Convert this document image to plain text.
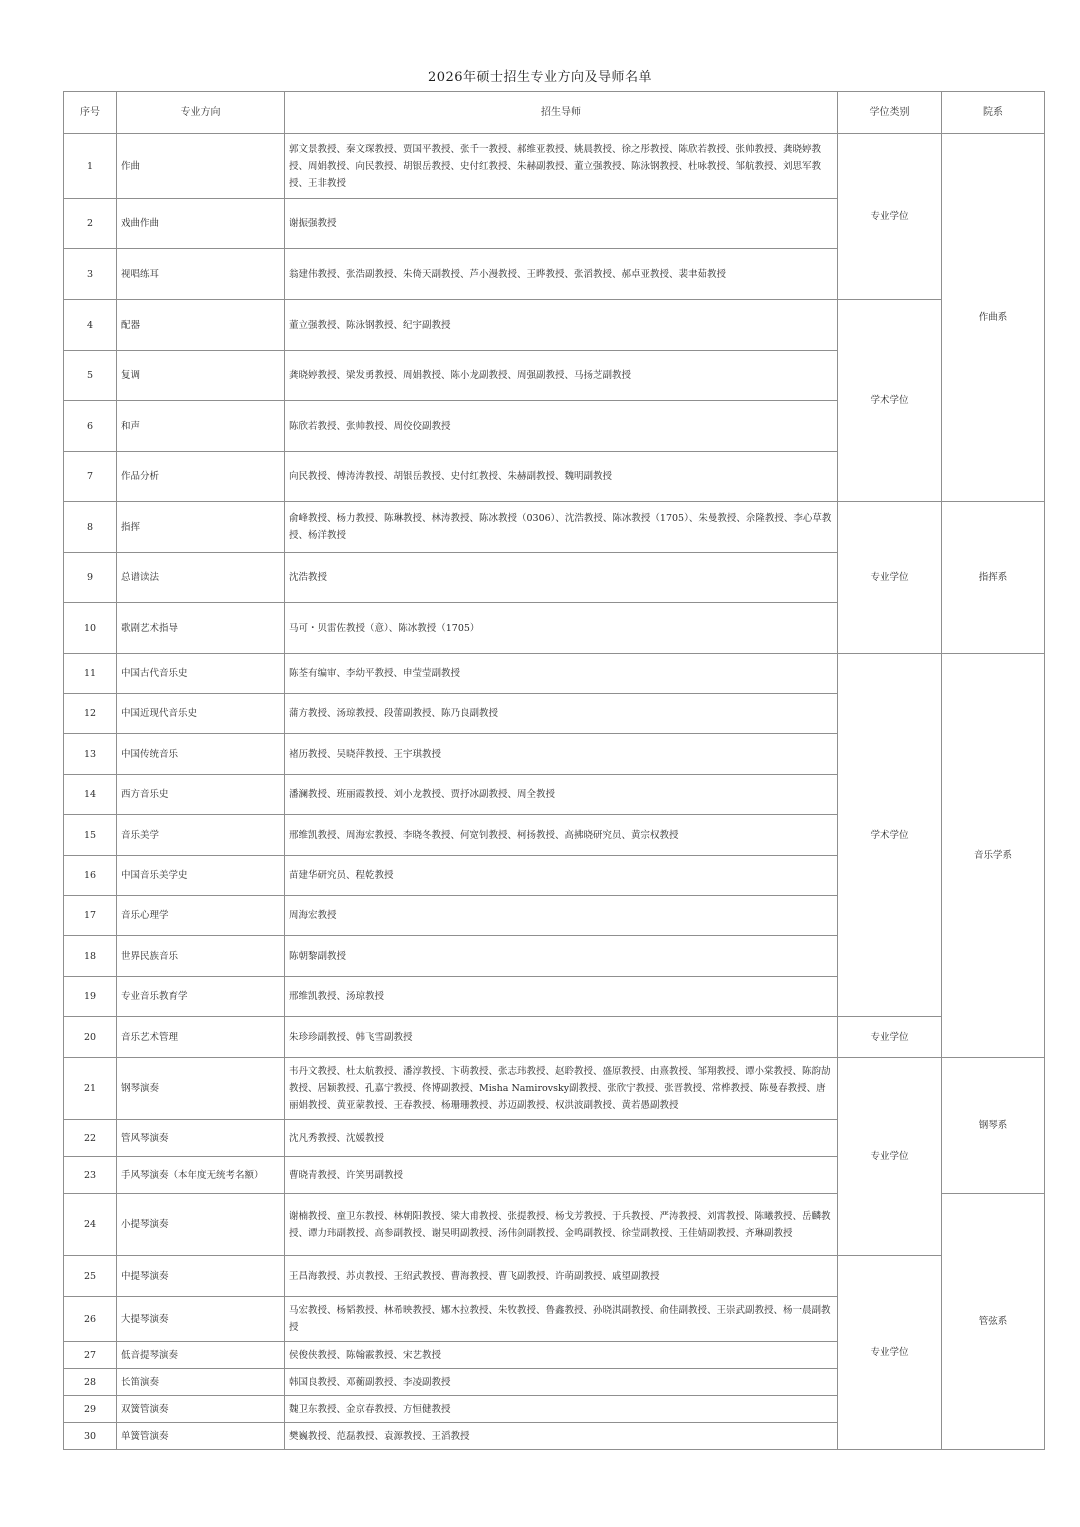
2026年硕士招生专业方向及导师名单
序号	专业方向	招生导师	学位类别	院系
1	作曲	郭文景教授、秦文琛教授、贾国平教授、张千一教授、郝维亚教授、姚晨教授、徐之彤教授、陈欣若教授、张帅教授、龚晓婷教授、周娟教授、向民教授、胡银岳教授、史付红教授、朱赫副教授、董立强教授、陈泳钢教授、杜咏教授、邹航教授、刘思军教授、王非教授	专业学位	作曲系
2	戏曲作曲	谢振强教授		
3	视唱练耳	翁建伟教授、张浩副教授、朱倚天副教授、芦小漫教授、王晔教授、张滔教授、郝卓亚教授、裴聿茹教授		
4	配器	董立强教授、陈泳钢教授、纪宇副教授	学术学位	
5	复调	龚晓婷教授、梁发勇教授、周娟教授、陈小龙副教授、周强副教授、马扬芝副教授		
6	和声	陈欣若教授、张帅教授、周佼佼副教授		
7	作品分析	向民教授、傅涛涛教授、胡银岳教授、史付红教授、朱赫副教授、魏明副教授		
8	指挥	俞峰教授、杨力教授、陈琳教授、林涛教授、陈冰教授（0306）、沈浩教授、陈冰教授（1705）、朱曼教授、佘隆教授、李心草教授、杨洋教授	专业学位	指挥系
9	总谱读法	沈浩教授		
10	歌剧艺术指导	马可・贝雷佐教授（意）、陈冰教授（1705）		
11	中国古代音乐史	陈荃有编审、李幼平教授、申莹莹副教授	学术学位	音乐学系
12	中国近现代音乐史	蒲方教授、汤琼教授、段蕾副教授、陈乃良副教授		
13	中国传统音乐	褚历教授、吴晓萍教授、王宇琪教授		
14	西方音乐史	潘澜教授、班丽霞教授、刘小龙教授、贾抒冰副教授、周全教授		
15	音乐美学	邢维凯教授、周海宏教授、李晓冬教授、何宽钊教授、柯扬教授、高拂晓研究员、黄宗权教授		
16	中国音乐美学史	苗建华研究员、程乾教授		
17	音乐心理学	周海宏教授		
18	世界民族音乐	陈朝黎副教授		
19	专业音乐教育学	邢维凯教授、汤琼教授		
20	音乐艺术管理	朱珍珍副教授、韩飞雪副教授	专业学位	
21	钢琴演奏	韦丹文教授、杜太航教授、潘淳教授、卞萌教授、张志玮教授、赵聆教授、盛原教授、由熹教授、邹翔教授、谭小棠教授、陈韵劼教授、居颖教授、孔嘉宁教授、佟博副教授、Misha Namirovsky副教授、张欣宁教授、张晋教授、常桦教授、陈曼春教授、唐丽娟教授、黄亚蒙教授、王春教授、杨珊珊教授、苏迈副教授、权洪波副教授、黄若愚副教授	专业学位	钢琴系
22	管风琴演奏	沈凡秀教授、沈媛教授		
23	手风琴演奏（本年度无统考名额）	曹晓青教授、许笑男副教授		
24	小提琴演奏	谢楠教授、童卫东教授、林朝阳教授、梁大甫教授、张提教授、杨戈芳教授、于兵教授、严涛教授、刘霄教授、陈曦教授、岳麟教授、谭力玮副教授、高参副教授、谢昊明副教授、汤伟剑副教授、金鸣副教授、徐莹副教授、王佳婧副教授、齐琳副教授		管弦系
25	中提琴演奏	王昌海教授、苏贞教授、王绍武教授、曹海教授、曹飞副教授、许萌副教授、戚望副教授	专业学位	
26	大提琴演奏	马宏教授、杨韬教授、林希映教授、娜木拉教授、朱牧教授、鲁鑫教授、孙晓淇副教授、俞佳副教授、王崇武副教授、杨一晨副教授		
27	低音提琴演奏	侯俊侠教授、陈翰霰教授、宋艺教授		
28	长笛演奏	韩国良教授、邓蘅副教授、李凌副教授		
29	双簧管演奏	魏卫东教授、金京春教授、方恒健教授		
30	单簧管演奏	樊巍教授、范磊教授、袁源教授、王滔教授		
